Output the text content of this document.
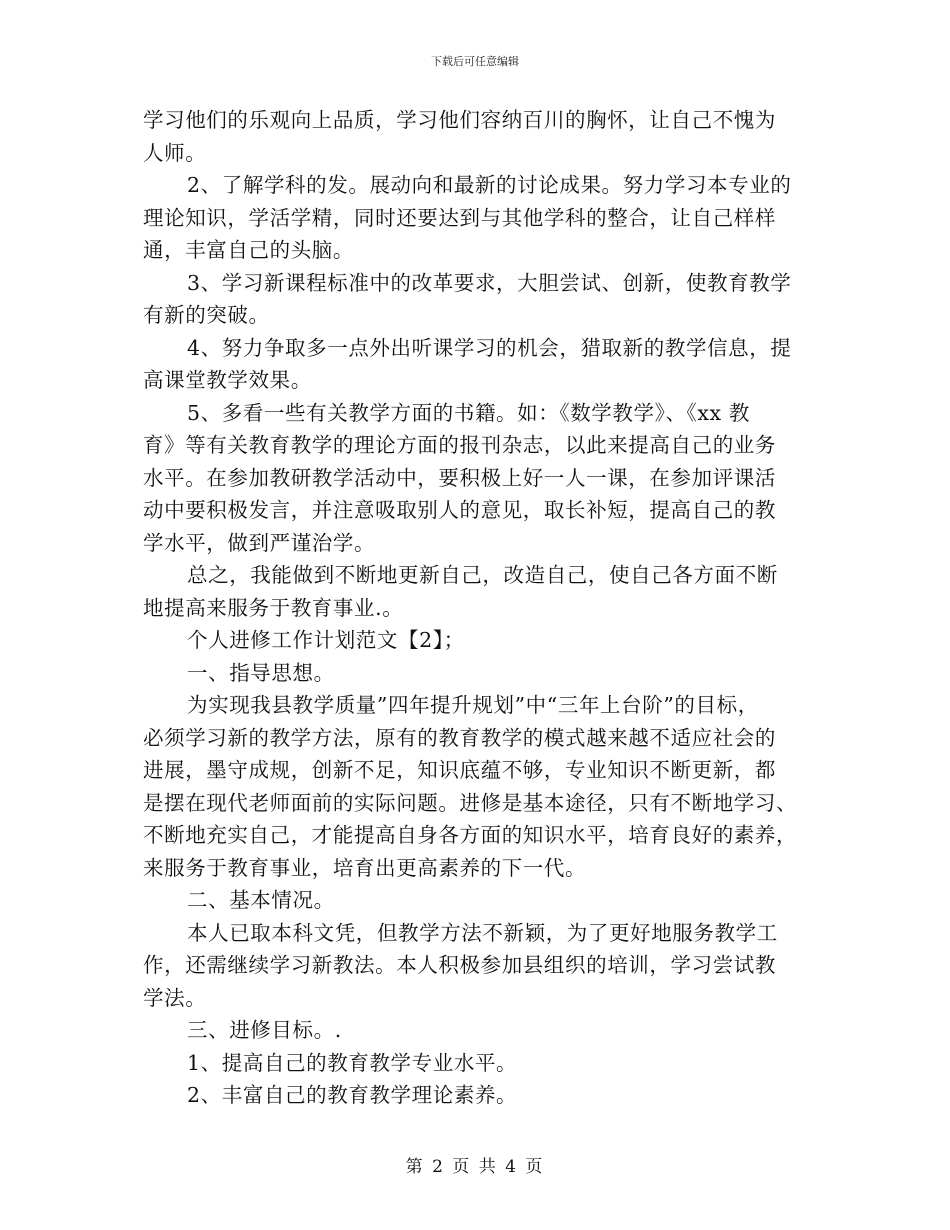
下载后可任意编辑
学习他们的乐观向上品质，学习他们容纳百川的胸怀，让自己不愧为
人师。
2、了解学科的发。展动向和最新的讨论成果。努力学习本专业的
理论知识，学活学精，同时还要达到与其他学科的整合，让自己样样
通，丰富自己的头脑。
3、学习新课程标准中的改革要求，大胆尝试、创新，使教育教学
有新的突破。
4、努力争取多一点外出听课学习的机会，猎取新的教学信息，提
高课堂教学效果。
5、多看一些有关教学方面的书籍。如：《数学教学》、《xx 教
育》等有关教育教学的理论方面的报刊杂志，以此来提高自己的业务
水平。在参加教研教学活动中，要积极上好一人一课，在参加评课活
动中要积极发言，并注意吸取别人的意见，取长补短，提高自己的教
学水平，做到严谨治学。
总之，我能做到不断地更新自己，改造自己，使自己各方面不断
地提高来服务于教育事业.。
个人进修工作计划范文【2】；
一、指导思想。
为实现我县教学质量”四年提升规划”中“三年上台阶”的目标，
必须学习新的教学方法，原有的教育教学的模式越来越不适应社会的
进展，墨守成规，创新不足，知识底蕴不够，专业知识不断更新，都
是摆在现代老师面前的实际问题。进修是基本途径，只有不断地学习、
不断地充实自己，才能提高自身各方面的知识水平，培育良好的素养，
来服务于教育事业，培育出更高素养的下一代。
二、基本情况。
本人已取本科文凭，但教学方法不新颖，为了更好地服务教学工
作，还需继续学习新教法。本人积极参加县组织的培训，学习尝试教
学法。
三、进修目标。.
1、提高自己的教育教学专业水平。
2、丰富自己的教育教学理论素养。
第 2 页 共 4 页
